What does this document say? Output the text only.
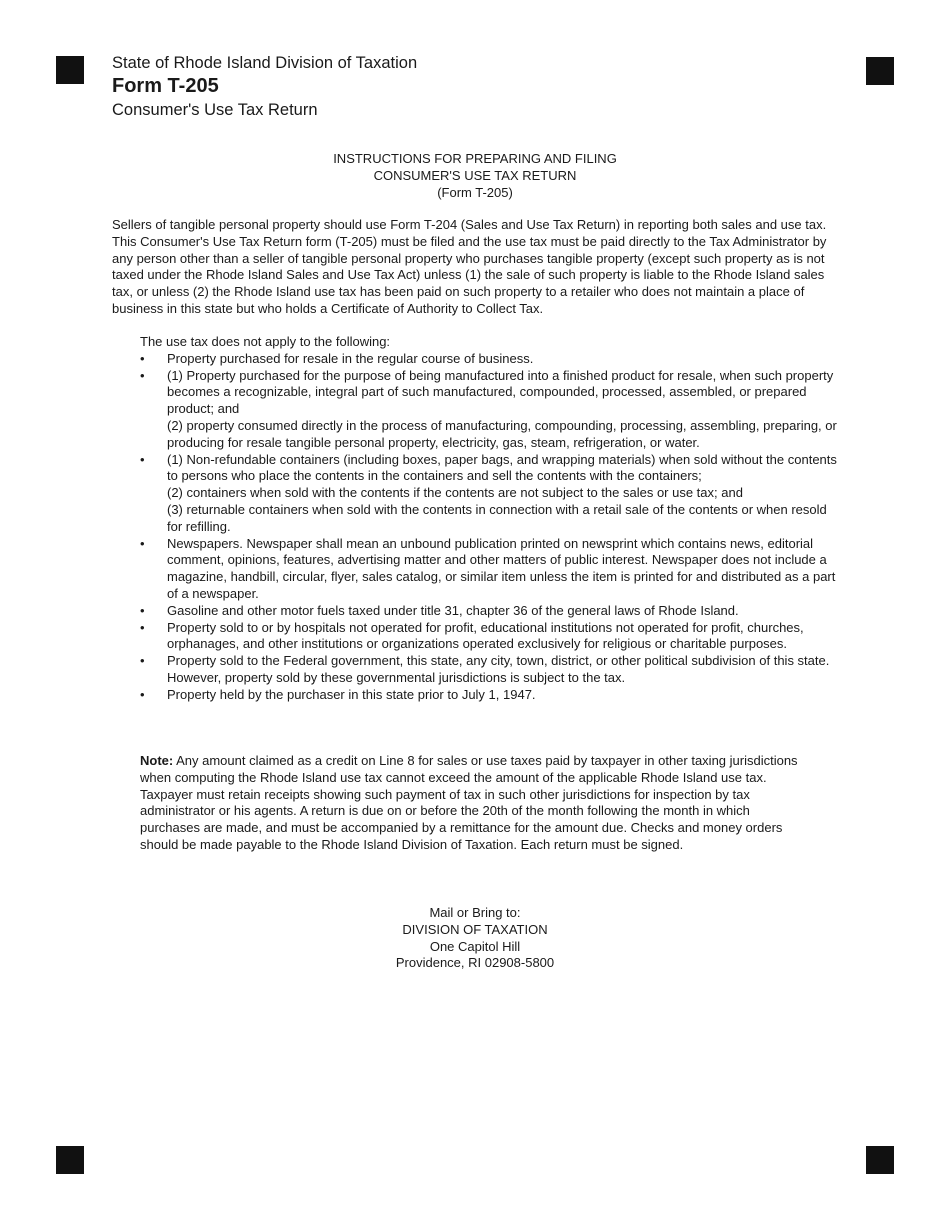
State of Rhode Island Division of Taxation
Form T-205
Consumer's Use Tax Return
INSTRUCTIONS FOR PREPARING AND FILING
CONSUMER'S USE TAX RETURN
(Form T-205)

Sellers of tangible personal property should use Form T-204 (Sales and Use Tax Return) in reporting both sales and use tax. This Consumer's Use Tax Return form (T-205) must be filed and the use tax must be paid directly to the Tax Administrator by any person other than a seller of tangible personal property who purchases tangible property (except such property as is not taxed under the Rhode Island Sales and Use Tax Act) unless (1) the sale of such property is liable to the Rhode Island sales tax, or unless (2) the Rhode Island use tax has been paid on such property to a retailer who does not maintain a place of business in this state but who holds a Certificate of Authority to Collect Tax.

The use tax does not apply to the following:

• Property purchased for resale in the regular course of business.
• (1) Property purchased for the purpose of being manufactured into a finished product for resale, when such property becomes a recognizable, integral part of such manufactured, compounded, processed, assembled, or prepared product; and
(2) property consumed directly in the process of manufacturing, compounding, processing, assembling, preparing, or producing for resale tangible personal property, electricity, gas, steam, refrigeration, or water.
• (1) Non-refundable containers (including boxes, paper bags, and wrapping materials) when sold without the contents to persons who place the contents in the containers and sell the contents with the containers;
(2) containers when sold with the contents if the contents are not subject to the sales or use tax; and
(3) returnable containers when sold with the contents in connection with a retail sale of the contents or when resold for refilling.
• Newspapers. Newspaper shall mean an unbound publication printed on newsprint which contains news, editorial comment, opinions, features, advertising matter and other matters of public interest. Newspaper does not include a magazine, handbill, circular, flyer, sales catalog, or similar item unless the item is printed for and distributed as a part of a newspaper.
• Gasoline and other motor fuels taxed under title 31, chapter 36 of the general laws of Rhode Island.
• Property sold to or by hospitals not operated for profit, educational institutions not operated for profit, churches, orphanages, and other institutions or organizations operated exclusively for religious or charitable purposes.
• Property sold to the Federal government, this state, any city, town, district, or other political subdivision of this state. However, property sold by these governmental jurisdictions is subject to the tax.
• Property held by the purchaser in this state prior to July 1, 1947.

Note: Any amount claimed as a credit on Line 8 for sales or use taxes paid by taxpayer in other taxing jurisdictions when computing the Rhode Island use tax cannot exceed the amount of the applicable Rhode Island use tax. Taxpayer must retain receipts showing such payment of tax in such other jurisdictions for inspection by tax administrator or his agents. A return is due on or before the 20th of the month following the month in which purchases are made, and must be accompanied by a remittance for the amount due. Checks and money orders should be made payable to the Rhode Island Division of Taxation. Each return must be signed.

Mail or Bring to:
DIVISION OF TAXATION
One Capitol Hill
Providence, RI 02908-5800
